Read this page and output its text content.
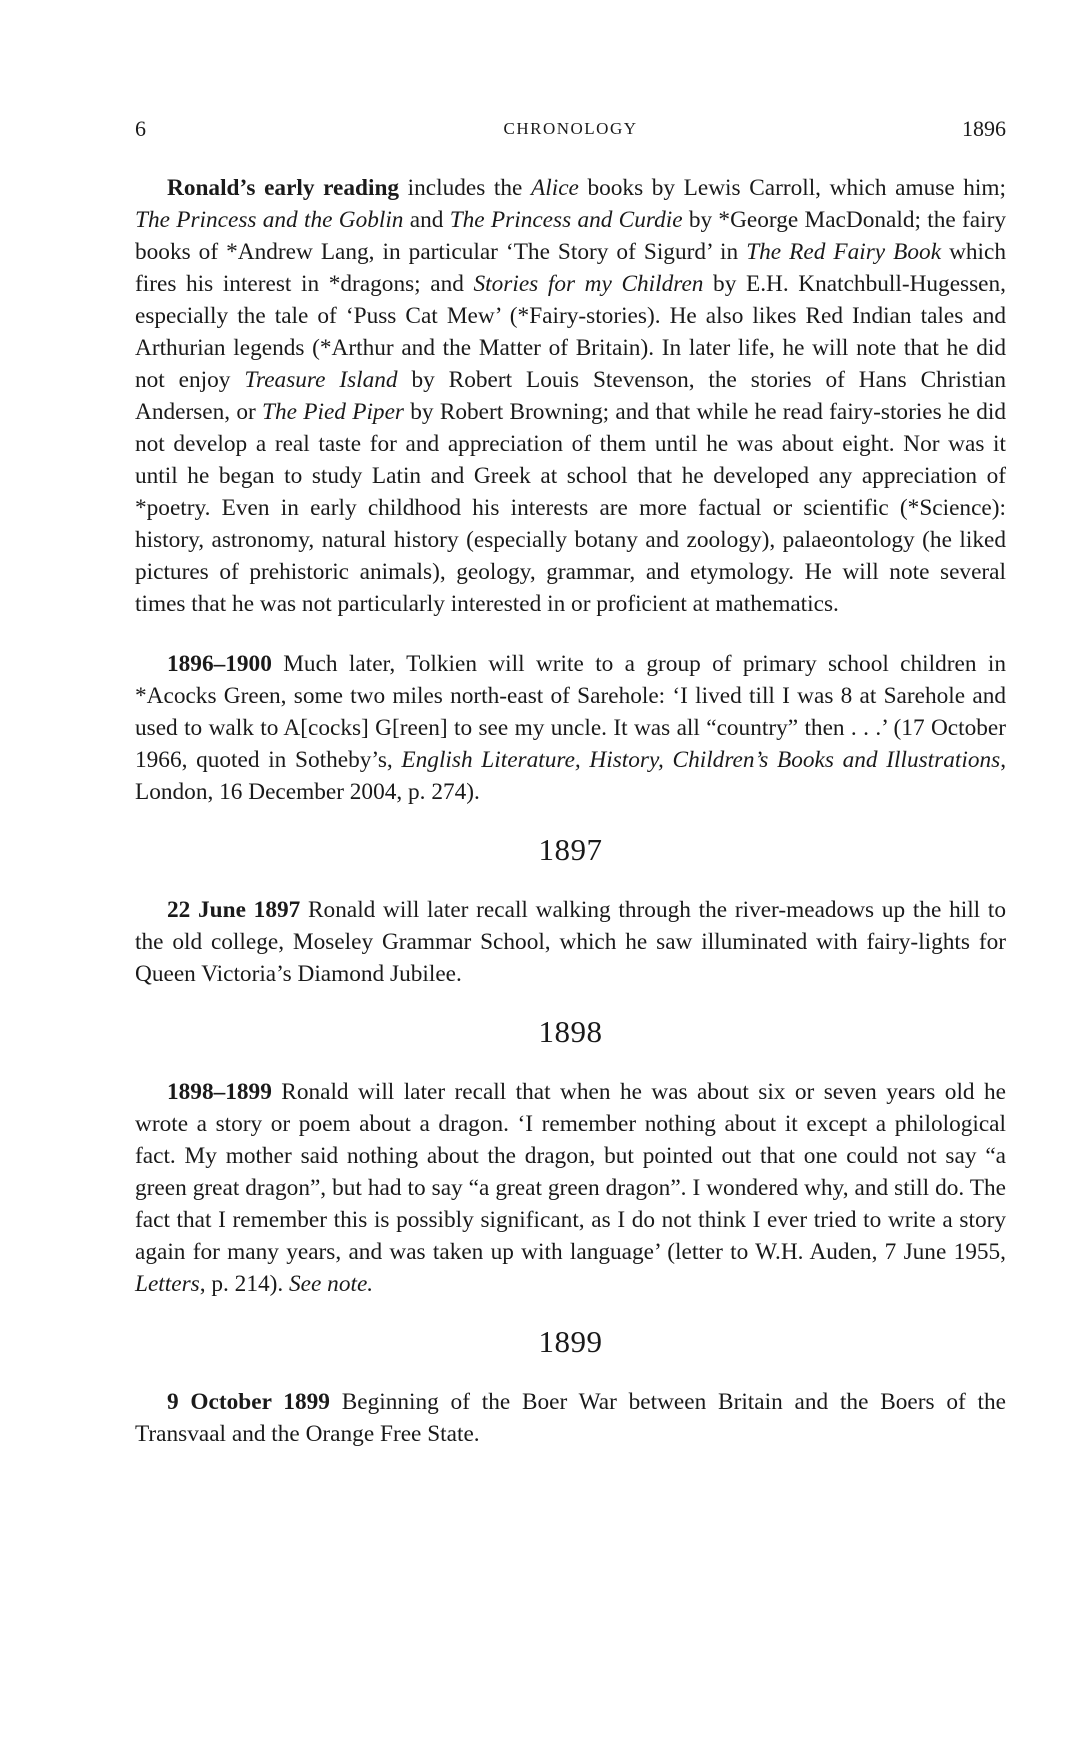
6	CHRONOLOGY	1896

Ronald’s early reading includes the Alice books by Lewis Carroll, which amuse him; The Princess and the Goblin and The Princess and Curdie by *George MacDonald; the fairy books of *Andrew Lang, in particular ‘The Story of Sigurd’ in The Red Fairy Book which fires his interest in *dragons; and Stories for my Children by E.H. Knatchbull-Hugessen, especially the tale of ‘Puss Cat Mew’ (*Fairy-stories). He also likes Red Indian tales and Arthurian legends (*Arthur and the Matter of Britain). In later life, he will note that he did not enjoy Treasure Island by Robert Louis Stevenson, the stories of Hans Christian Andersen, or The Pied Piper by Robert Browning; and that while he read fairy-stories he did not develop a real taste for and appreciation of them until he was about eight. Nor was it until he began to study Latin and Greek at school that he developed any appreciation of *poetry. Even in early childhood his interests are more factual or scientific (*Science): history, astronomy, natural history (especially botany and zoology), palaeontology (he liked pictures of prehistoric animals), geology, grammar, and etymology. He will note several times that he was not particularly interested in or proficient at mathematics.

1896–1900 Much later, Tolkien will write to a group of primary school children in *Acocks Green, some two miles north-east of Sarehole: ‘I lived till I was 8 at Sarehole and used to walk to A[cocks] G[reen] to see my uncle. It was all “country” then . . .’ (17 October 1966, quoted in Sotheby’s, English Literature, History, Children’s Books and Illustrations, London, 16 December 2004, p. 274).

1897

22 June 1897 Ronald will later recall walking through the river-meadows up the hill to the old college, Moseley Grammar School, which he saw illuminated with fairy-lights for Queen Victoria’s Diamond Jubilee.

1898

1898–1899 Ronald will later recall that when he was about six or seven years old he wrote a story or poem about a dragon. ‘I remember nothing about it except a philological fact. My mother said nothing about the dragon, but pointed out that one could not say “a green great dragon”, but had to say “a great green dragon”. I wondered why, and still do. The fact that I remember this is possibly significant, as I do not think I ever tried to write a story again for many years, and was taken up with language’ (letter to W.H. Auden, 7 June 1955, Letters, p. 214). See note.

1899

9 October 1899 Beginning of the Boer War between Britain and the Boers of the Transvaal and the Orange Free State.
